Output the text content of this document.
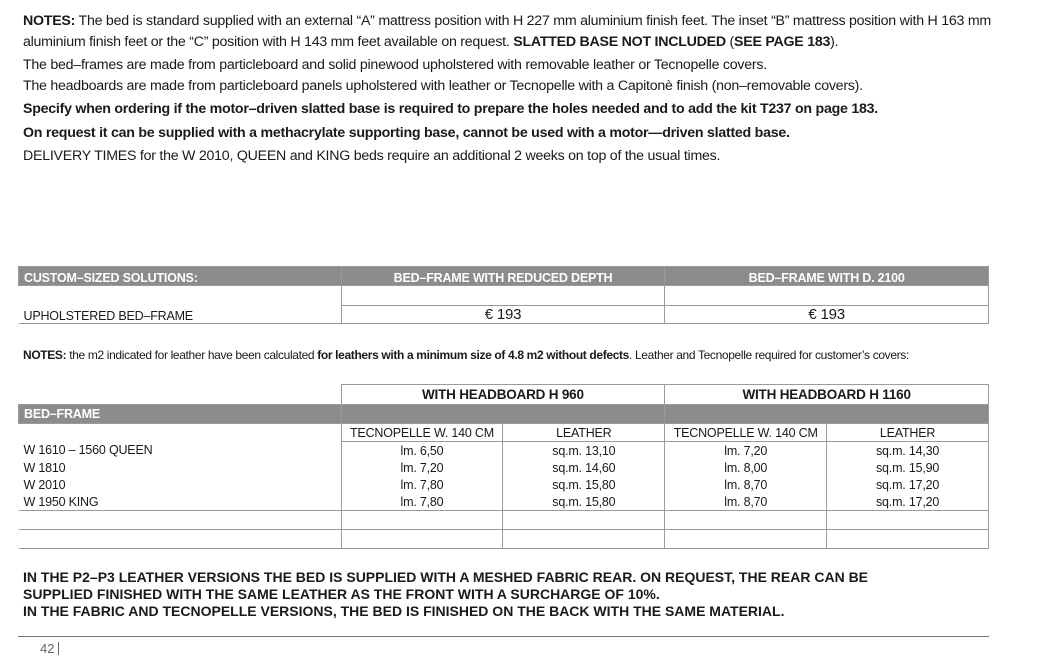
NOTES: The bed is standard supplied with an external “A” mattress position with H 227 mm aluminium finish feet. The inset “B” mattress position with H 163 mm aluminium finish feet or the “C” position with H 143 mm feet available on request. SLATTED BASE NOT INCLUDED (SEE PAGE 183).

The bed–frames are made from particleboard and solid pinewood upholstered with removable leather or Tecnopelle covers.

The headboards are made from particleboard panels upholstered with leather or Tecnopelle with a Capitonè finish (non–removable covers).

Specify when ordering if the motor–driven slatted base is required to prepare the holes needed and to add the kit T237 on page 183.

On request it can be supplied with a methacrylate supporting base, cannot be used with a motor—driven slatted base.

DELIVERY TIMES for the W 2010, QUEEN and KING beds require an additional 2 weeks on top of the usual times.

CUSTOM–SIZED SOLUTIONS:	BED–FRAME WITH REDUCED DEPTH	BED–FRAME WITH D. 2100
UPHOLSTERED BED–FRAME	€ 193	€ 193
NOTES: the m2 indicated for leather have been calculated for leathers with a minimum size of 4.8 m2 without defects. Leather and Tecnopelle required for customer’s covers:
	WITH HEADBOARD H 960		WITH HEADBOARD H 1160	
BED–FRAME				
	TECNOPELLE W. 140 CM	LEATHER	TECNOPELLE W. 140 CM	LEATHER
W 1610 – 1560 QUEEN	lm. 6,50	sq.m. 13,10	lm. 7,20	sq.m. 14,30
W 1810	lm. 7,20	sq.m. 14,60	lm. 8,00	sq.m. 15,90
W 2010	lm. 7,80	sq.m. 15,80	lm. 8,70	sq.m. 17,20
W 1950 KING	lm. 7,80	sq.m. 15,80	lm. 8,70	sq.m. 17,20

IN THE P2–P3 LEATHER VERSIONS THE BED IS SUPPLIED WITH A MESHED FABRIC REAR. ON REQUEST, THE REAR CAN BE

SUPPLIED FINISHED WITH THE SAME LEATHER AS THE FRONT WITH A SURCHARGE OF 10%.

IN THE FABRIC AND TECNOPELLE VERSIONS, THE BED IS FINISHED ON THE BACK WITH THE SAME MATERIAL.

42
